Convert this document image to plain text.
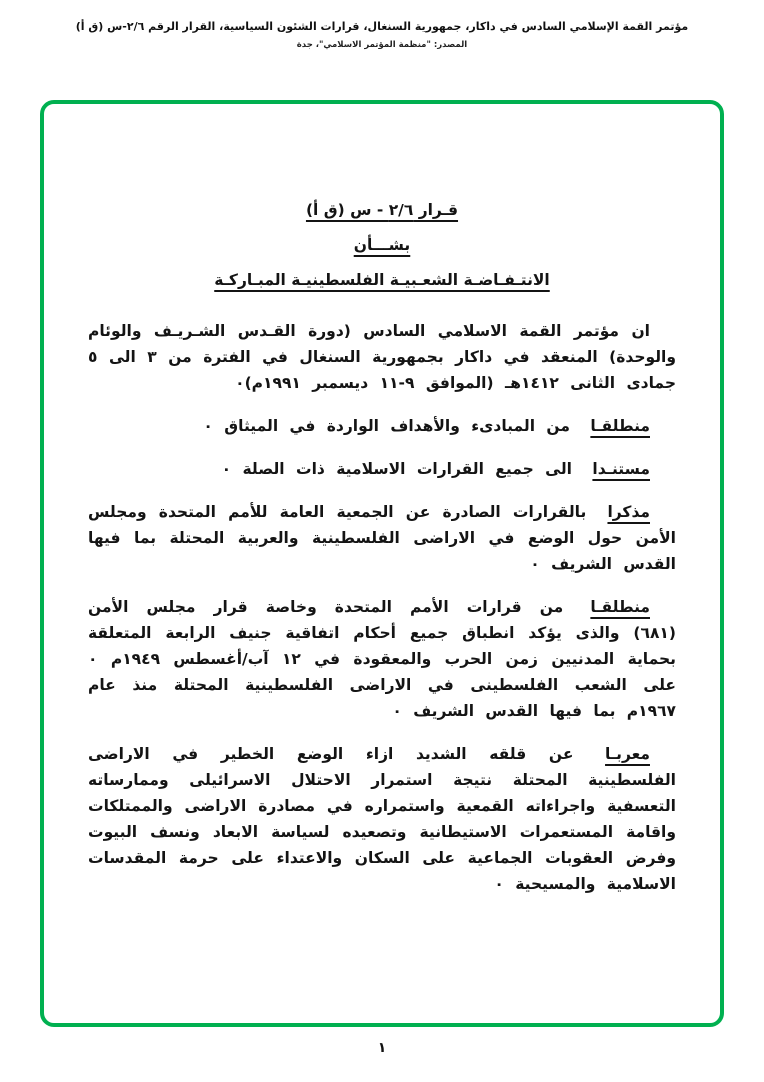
مؤتمر القمة الإسلامي السادس في داكار، جمهورية السنغال، قرارات الشئون السياسية، القرار الرقم ٢/٦-س (ق أ)
المصدر: "منظمة المؤتمر الاسلامي"، جدة
قـرار ٢/٦ - س (ق أ)
بشـــأن
الانتـفـاضـة الشعـبيـة الفلسطينيـة المبـاركـة

ان مؤتمر القمة الاسلامي السادس (دورة القـدس الشـريـف والوئام والوحدة) المنعقد في داكار بجمهورية السنغال في الفترة من ٣ الى ٥ جمادى الثانى ١٤١٢هـ (الموافق ٩-١١ ديسمبر ١٩٩١م)٠

منطلقـا من المبادىء والأهداف الواردة في الميثاق ٠

مستنـدا الى جميع القرارات الاسلامية ذات الصلة ٠

مذكرا بالقرارات الصادرة عن الجمعية العامة للأمم المتحدة ومجلس الأمن حول الوضع في الاراضى الفلسطينية والعربية المحتلة بما فيها القدس الشريف ٠

منطلقـا من قرارات الأمم المتحدة وخاصة قرار مجلس الأمن (٦٨١) والذى يؤكد انطباق جميع أحكام اتفاقية جنيف الرابعة المتعلقة بحماية المدنيين زمن الحرب والمعقودة في ١٢ آب/أغسطس ١٩٤٩م ٠ على الشعب الفلسطينى في الاراضى الفلسطينية المحتلة منذ عام ١٩٦٧م بما فيها القدس الشريف ٠

معربـا عن قلقه الشديد ازاء الوضع الخطير في الاراضى الفلسطينية المحتلة نتيجة استمرار الاحتلال الاسرائيلى وممارساته التعسفية واجراءاته القمعية واستمراره في مصادرة الاراضى والممتلكات واقامة المستعمرات الاستيطانية وتصعيده لسياسة الابعاد ونسف البيوت وفرض العقوبات الجماعية على السكان والاعتداء على حرمة المقدسات الاسلامية والمسيحية ٠

١
